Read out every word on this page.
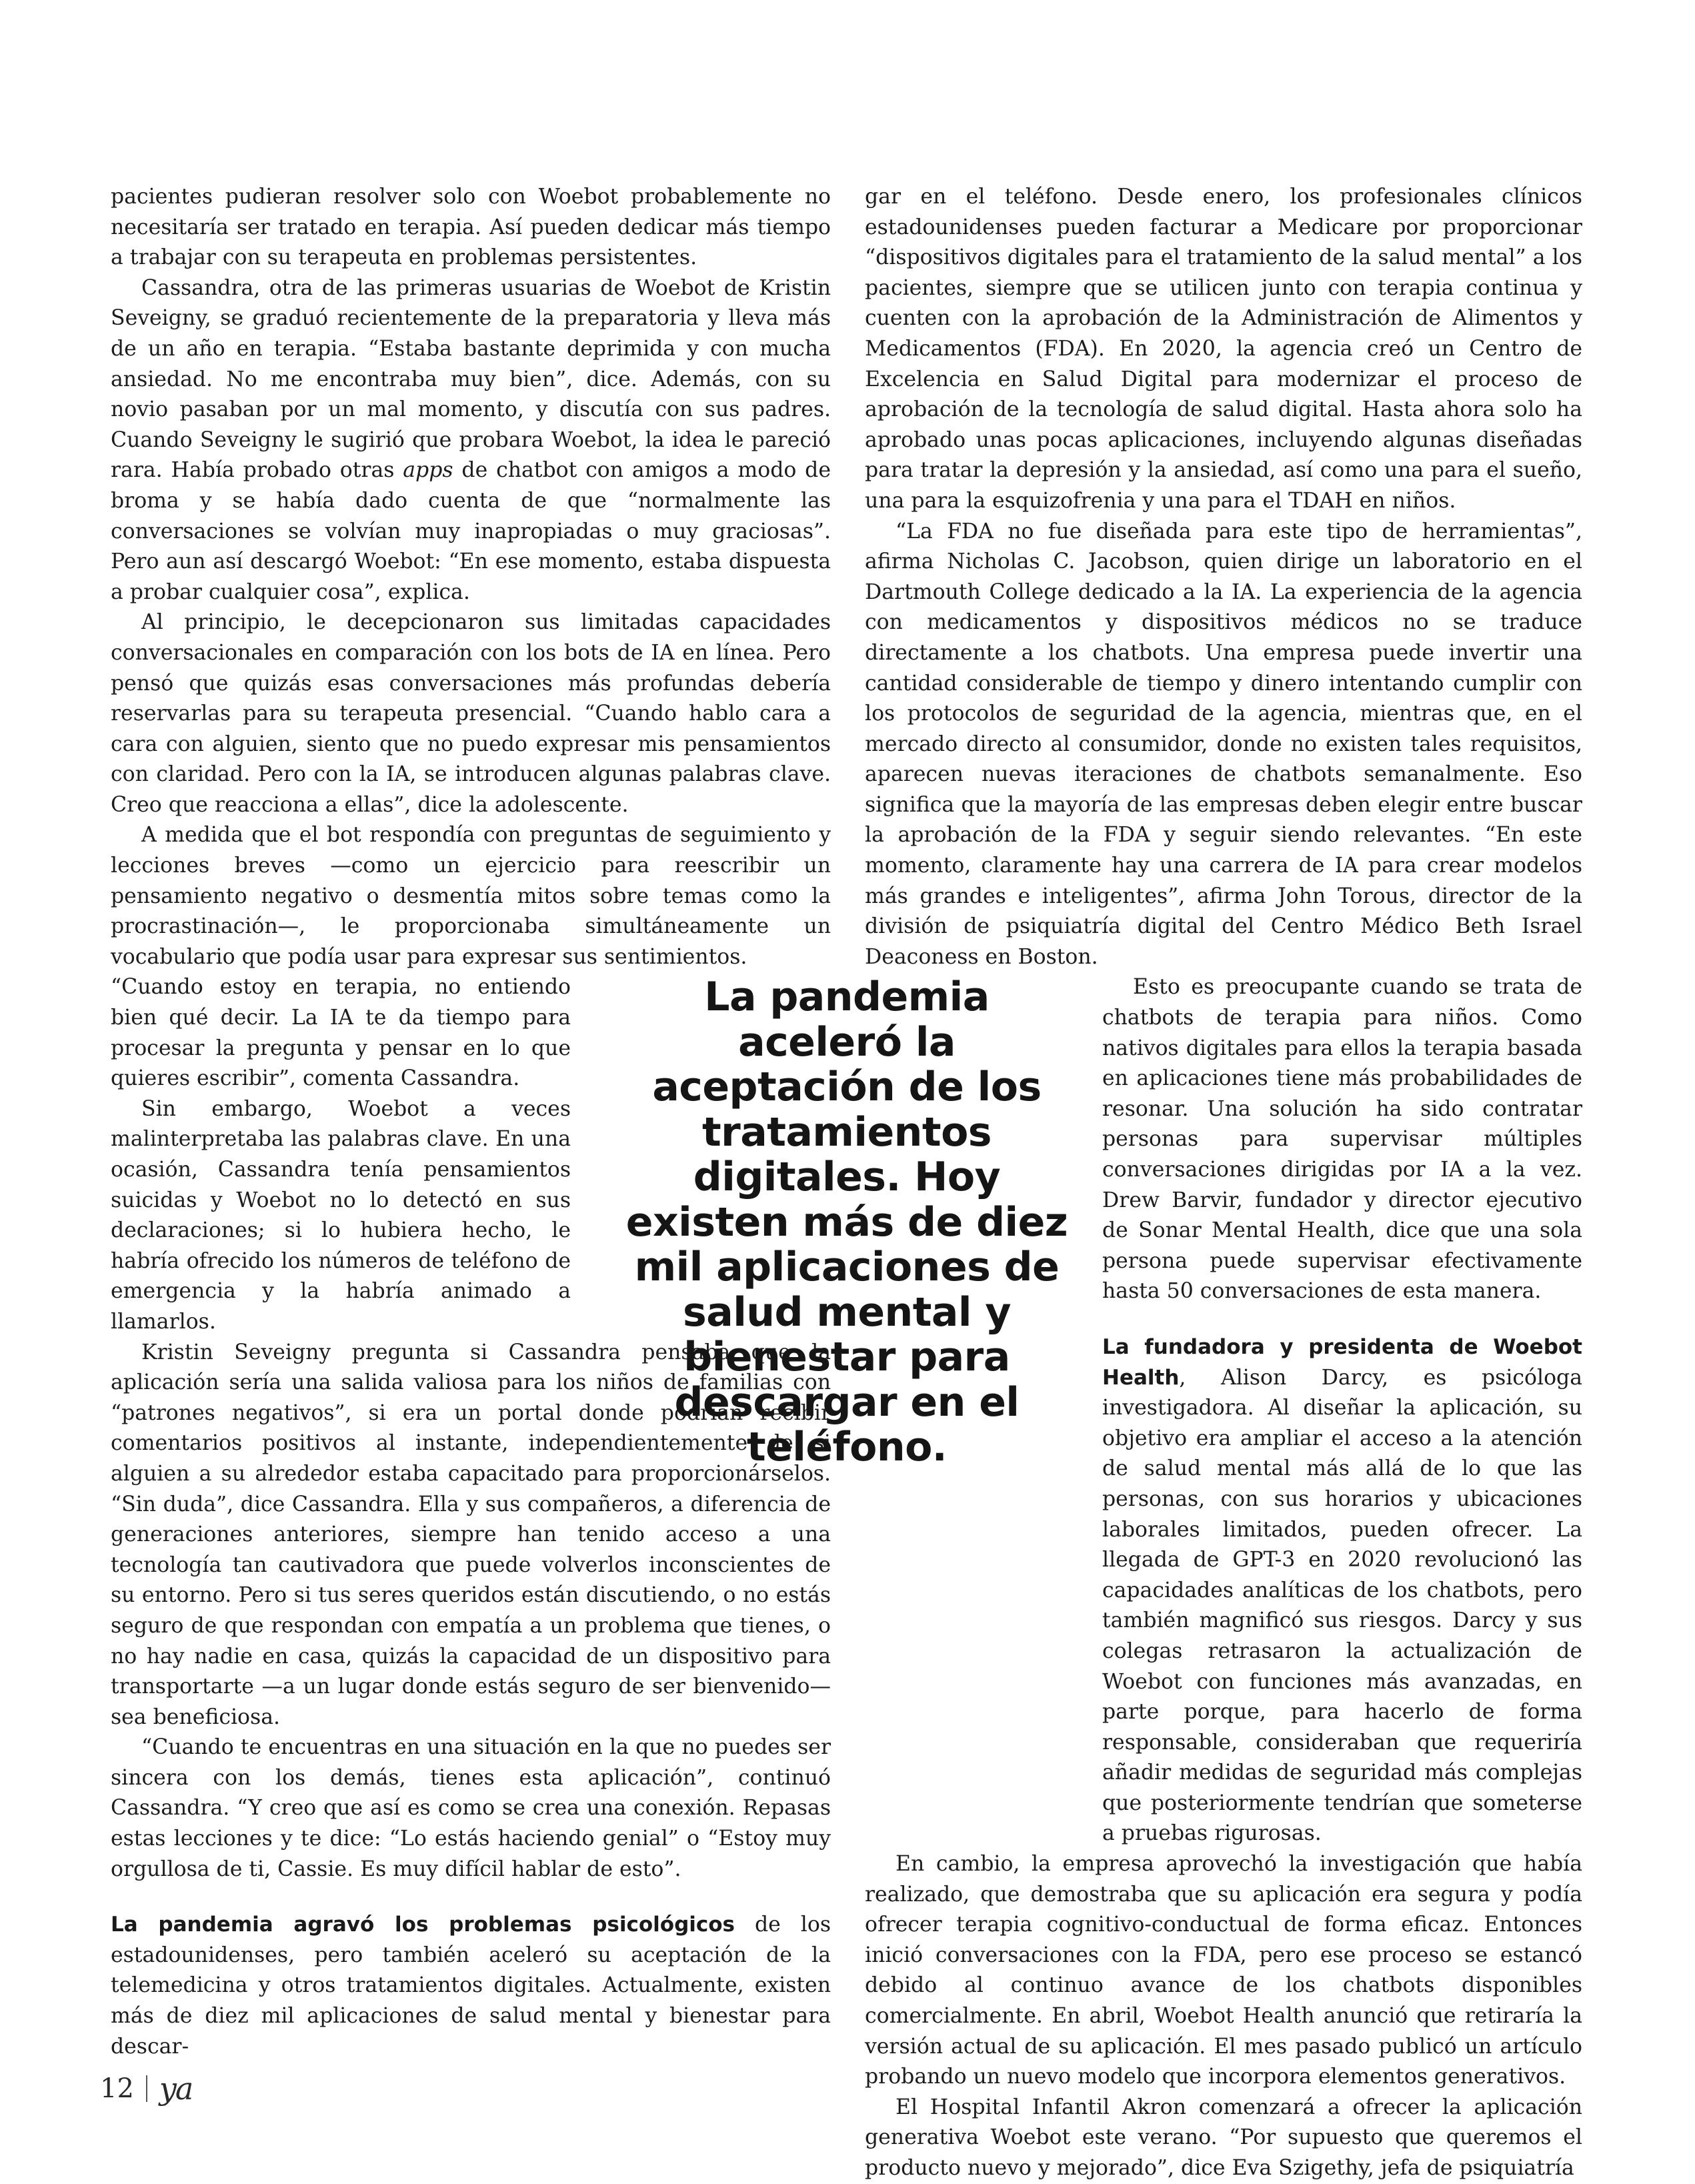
pacientes pudieran resolver solo con Woebot probablemente no necesitaría ser tratado en terapia. Así pueden dedicar más tiempo a trabajar con su terapeuta en problemas persistentes.

Cassandra, otra de las primeras usuarias de Woebot de Kristin Seveigny, se graduó recientemente de la preparatoria y lleva más de un año en terapia. “Estaba bastante deprimida y con mucha ansiedad. No me encontraba muy bien”, dice. Además, con su novio pasaban por un mal momento, y discutía con sus padres. Cuando Seveigny le sugirió que probara Woebot, la idea le pareció rara. Había probado otras apps de chatbot con amigos a modo de broma y se había dado cuenta de que “normalmente las conversaciones se volvían muy inapropiadas o muy graciosas”. Pero aun así descargó Woebot: “En ese momento, estaba dispuesta a probar cualquier cosa”, explica.

Al principio, le decepcionaron sus limitadas capacidades conversacionales en comparación con los bots de IA en línea. Pero pensó que quizás esas conversaciones más profundas debería reservarlas para su terapeuta presencial. “Cuando hablo cara a cara con alguien, siento que no puedo expresar mis pensamientos con claridad. Pero con la IA, se introducen algunas palabras clave. Creo que reacciona a ellas”, dice la adolescente.

A medida que el bot respondía con preguntas de seguimiento y lecciones breves —como un ejercicio para reescribir un pensamiento negativo o desmentía mitos sobre temas como la procrastinación—, le proporcionaba simultáneamente un vocabulario que podía usar para expresar sus sentimientos.

“Cuando estoy en terapia, no entiendo bien qué decir. La IA te da tiempo para procesar la pregunta y pensar en lo que quieres escribir”, comenta Cassandra.

Sin embargo, Woebot a veces malinterpretaba las palabras clave. En una ocasión, Cassandra tenía pensamientos suicidas y Woebot no lo detectó en sus declaraciones; si lo hubiera hecho, le habría ofrecido los números de teléfono de emergencia y la habría animado a llamarlos.

Kristin Seveigny pregunta si Cassandra pensaba que la aplicación sería una salida valiosa para los niños de familias con “patrones negativos”, si era un portal donde podrían recibir comentarios positivos al instante, independientemente de si alguien a su alrededor estaba capacitado para proporcionárselos. “Sin duda”, dice Cassandra. Ella y sus compañeros, a diferencia de generaciones anteriores, siempre han tenido acceso a una tecnología tan cautivadora que puede volverlos inconscientes de su entorno. Pero si tus seres queridos están discutiendo, o no estás seguro de que respondan con empatía a un problema que tienes, o no hay nadie en casa, quizás la capacidad de un dispositivo para transportarte —a un lugar donde estás seguro de ser bienvenido— sea beneficiosa.

“Cuando te encuentras en una situación en la que no puedes ser sincera con los demás, tienes esta aplicación”, continuó Cassandra. “Y creo que así es como se crea una conexión. Repasas estas lecciones y te dice: “Lo estás haciendo genial” o “Estoy muy orgullosa de ti, Cassie. Es muy difícil hablar de esto”.

La pandemia agravó los problemas psicológicos de los estadounidenses, pero también aceleró su aceptación de la telemedicina y otros tratamientos digitales. Actualmente, existen más de diez mil aplicaciones de salud mental y bienestar para descar-

gar en el teléfono. Desde enero, los profesionales clínicos estadounidenses pueden facturar a Medicare por proporcionar “dispositivos digitales para el tratamiento de la salud mental” a los pacientes, siempre que se utilicen junto con terapia continua y cuenten con la aprobación de la Administración de Alimentos y Medicamentos (FDA). En 2020, la agencia creó un Centro de Excelencia en Salud Digital para modernizar el proceso de aprobación de la tecnología de salud digital. Hasta ahora solo ha aprobado unas pocas aplicaciones, incluyendo algunas diseñadas para tratar la depresión y la ansiedad, así como una para el sueño, una para la esquizofrenia y una para el TDAH en niños.

“La FDA no fue diseñada para este tipo de herramientas”, afirma Nicholas C. Jacobson, quien dirige un laboratorio en el Dartmouth College dedicado a la IA. La experiencia de la agencia con medicamentos y dispositivos médicos no se traduce directamente a los chatbots. Una empresa puede invertir una cantidad considerable de tiempo y dinero intentando cumplir con los protocolos de seguridad de la agencia, mientras que, en el mercado directo al consumidor, donde no existen tales requisitos, aparecen nuevas iteraciones de chatbots semanalmente. Eso significa que la mayoría de las empresas deben elegir entre buscar la aprobación de la FDA y seguir siendo relevantes. “En este momento, claramente hay una carrera de IA para crear modelos más grandes e inteligentes”, afirma John Torous, director de la división de psiquiatría digital del Centro Médico Beth Israel Deaconess en Boston.

Esto es preocupante cuando se trata de chatbots de terapia para niños. Como nativos digitales para ellos la terapia basada en aplicaciones tiene más probabilidades de resonar. Una solución ha sido contratar personas para supervisar múltiples conversaciones dirigidas por IA a la vez. Drew Barvir, fundador y director ejecutivo de Sonar Mental Health, dice que una sola persona puede supervisar efectivamente hasta 50 conversaciones de esta manera.

La fundadora y presidenta de Woebot Health, Alison Darcy, es psicóloga investigadora. Al diseñar la aplicación, su objetivo era ampliar el acceso a la atención de salud mental más allá de lo que las personas, con sus horarios y ubicaciones laborales limitados, pueden ofrecer. La llegada de GPT-3 en 2020 revolucionó las capacidades analíticas de los chatbots, pero también magnificó sus riesgos. Darcy y sus colegas retrasaron la actualización de Woebot con funciones más avanzadas, en parte porque, para hacerlo de forma responsable, consideraban que requeriría añadir medidas de seguridad más complejas que posteriormente tendrían que someterse a pruebas rigurosas.

En cambio, la empresa aprovechó la investigación que había realizado, que demostraba que su aplicación era segura y podía ofrecer terapia cognitivo-conductual de forma eficaz. Entonces inició conversaciones con la FDA, pero ese proceso se estancó debido al continuo avance de los chatbots disponibles comercialmente. En abril, Woebot Health anunció que retiraría la versión actual de su aplicación. El mes pasado publicó un artículo probando un nuevo modelo que incorpora elementos generativos.

El Hospital Infantil Akron comenzará a ofrecer la aplicación generativa Woebot este verano. “Por supuesto que queremos el producto nuevo y mejorado”, dice Eva Szigethy, jefa de psiquiatría

La pandemia aceleró la aceptación de los tratamientos digitales. Hoy existen más de diez mil aplicaciones de salud mental y bienestar para descargar en el teléfono.
12 ya
